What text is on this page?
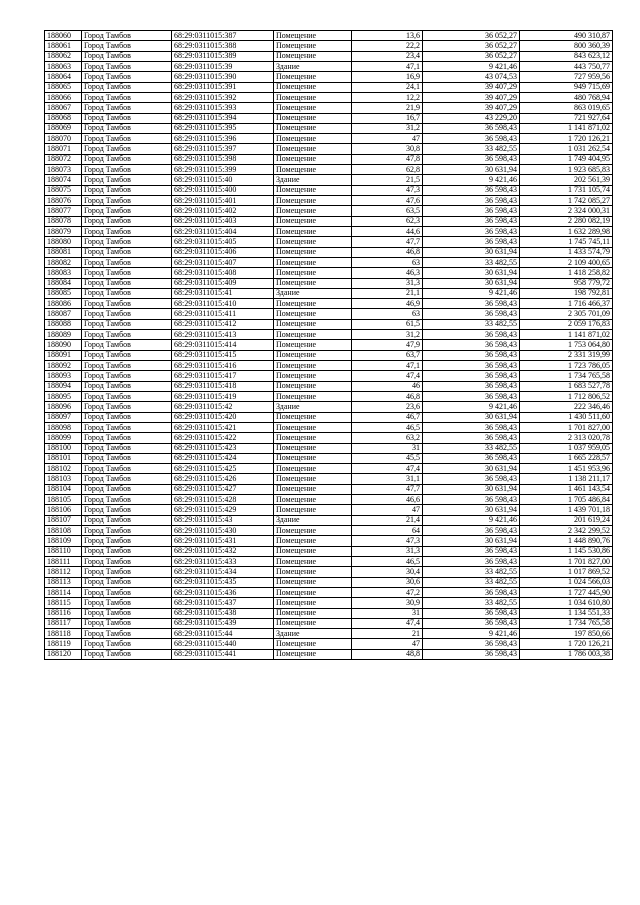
188060	Город Тамбов	68:29:0311015:387	Помещение	13,6	36 052,27	490 310,87
188061	Город Тамбов	68:29:0311015:388	Помещение	22,2	36 052,27	800 360,39
188062	Город Тамбов	68:29:0311015:389	Помещение	23,4	36 052,27	843 623,12
188063	Город Тамбов	68:29:0311015:39	Здание	47,1	9 421,46	443 750,77
188064	Город Тамбов	68:29:0311015:390	Помещение	16,9	43 074,53	727 959,56
188065	Город Тамбов	68:29:0311015:391	Помещение	24,1	39 407,29	949 715,69
188066	Город Тамбов	68:29:0311015:392	Помещение	12,2	39 407,29	480 768,94
188067	Город Тамбов	68:29:0311015:393	Помещение	21,9	39 407,29	863 019,65
188068	Город Тамбов	68:29:0311015:394	Помещение	16,7	43 229,20	721 927,64
188069	Город Тамбов	68:29:0311015:395	Помещение	31,2	36 598,43	1 141 871,02
188070	Город Тамбов	68:29:0311015:396	Помещение	47	36 598,43	1 720 126,21
188071	Город Тамбов	68:29:0311015:397	Помещение	30,8	33 482,55	1 031 262,54
188072	Город Тамбов	68:29:0311015:398	Помещение	47,8	36 598,43	1 749 404,95
188073	Город Тамбов	68:29:0311015:399	Помещение	62,8	30 631,94	1 923 685,83
188074	Город Тамбов	68:29:0311015:40	Здание	21,5	9 421,46	202 561,39
188075	Город Тамбов	68:29:0311015:400	Помещение	47,3	36 598,43	1 731 105,74
188076	Город Тамбов	68:29:0311015:401	Помещение	47,6	36 598,43	1 742 085,27
188077	Город Тамбов	68:29:0311015:402	Помещение	63,5	36 598,43	2 324 000,31
188078	Город Тамбов	68:29:0311015:403	Помещение	62,3	36 598,43	2 280 082,19
188079	Город Тамбов	68:29:0311015:404	Помещение	44,6	36 598,43	1 632 289,98
188080	Город Тамбов	68:29:0311015:405	Помещение	47,7	36 598,43	1 745 745,11
188081	Город Тамбов	68:29:0311015:406	Помещение	46,8	30 631,94	1 433 574,79
188082	Город Тамбов	68:29:0311015:407	Помещение	63	33 482,55	2 109 400,65
188083	Город Тамбов	68:29:0311015:408	Помещение	46,3	30 631,94	1 418 258,82
188084	Город Тамбов	68:29:0311015:409	Помещение	31,3	30 631,94	958 779,72
188085	Город Тамбов	68:29:0311015:41	Здание	21,1	9 421,46	198 792,81
188086	Город Тамбов	68:29:0311015:410	Помещение	46,9	36 598,43	1 716 466,37
188087	Город Тамбов	68:29:0311015:411	Помещение	63	36 598,43	2 305 701,09
188088	Город Тамбов	68:29:0311015:412	Помещение	61,5	33 482,55	2 059 176,83
188089	Город Тамбов	68:29:0311015:413	Помещение	31,2	36 598,43	1 141 871,02
188090	Город Тамбов	68:29:0311015:414	Помещение	47,9	36 598,43	1 753 064,80
188091	Город Тамбов	68:29:0311015:415	Помещение	63,7	36 598,43	2 331 319,99
188092	Город Тамбов	68:29:0311015:416	Помещение	47,1	36 598,43	1 723 786,05
188093	Город Тамбов	68:29:0311015:417	Помещение	47,4	36 598,43	1 734 765,58
188094	Город Тамбов	68:29:0311015:418	Помещение	46	36 598,43	1 683 527,78
188095	Город Тамбов	68:29:0311015:419	Помещение	46,8	36 598,43	1 712 806,52
188096	Город Тамбов	68:29:0311015:42	Здание	23,6	9 421,46	222 346,46
188097	Город Тамбов	68:29:0311015:420	Помещение	46,7	30 631,94	1 430 511,60
188098	Город Тамбов	68:29:0311015:421	Помещение	46,5	36 598,43	1 701 827,00
188099	Город Тамбов	68:29:0311015:422	Помещение	63,2	36 598,43	2 313 020,78
188100	Город Тамбов	68:29:0311015:423	Помещение	31	33 482,55	1 037 959,05
188101	Город Тамбов	68:29:0311015:424	Помещение	45,5	36 598,43	1 665 228,57
188102	Город Тамбов	68:29:0311015:425	Помещение	47,4	30 631,94	1 451 953,96
188103	Город Тамбов	68:29:0311015:426	Помещение	31,1	36 598,43	1 138 211,17
188104	Город Тамбов	68:29:0311015:427	Помещение	47,7	30 631,94	1 461 143,54
188105	Город Тамбов	68:29:0311015:428	Помещение	46,6	36 598,43	1 705 486,84
188106	Город Тамбов	68:29:0311015:429	Помещение	47	30 631,94	1 439 701,18
188107	Город Тамбов	68:29:0311015:43	Здание	21,4	9 421,46	201 619,24
188108	Город Тамбов	68:29:0311015:430	Помещение	64	36 598,43	2 342 299,52
188109	Город Тамбов	68:29:0311015:431	Помещение	47,3	30 631,94	1 448 890,76
188110	Город Тамбов	68:29:0311015:432	Помещение	31,3	36 598,43	1 145 530,86
188111	Город Тамбов	68:29:0311015:433	Помещение	46,5	36 598,43	1 701 827,00
188112	Город Тамбов	68:29:0311015:434	Помещение	30,4	33 482,55	1 017 869,52
188113	Город Тамбов	68:29:0311015:435	Помещение	30,6	33 482,55	1 024 566,03
188114	Город Тамбов	68:29:0311015:436	Помещение	47,2	36 598,43	1 727 445,90
188115	Город Тамбов	68:29:0311015:437	Помещение	30,9	33 482,55	1 034 610,80
188116	Город Тамбов	68:29:0311015:438	Помещение	31	36 598,43	1 134 551,33
188117	Город Тамбов	68:29:0311015:439	Помещение	47,4	36 598,43	1 734 765,58
188118	Город Тамбов	68:29:0311015:44	Здание	21	9 421,46	197 850,66
188119	Город Тамбов	68:29:0311015:440	Помещение	47	36 598,43	1 720 126,21
188120	Город Тамбов	68:29:0311015:441	Помещение	48,8	36 598,43	1 786 003,38
